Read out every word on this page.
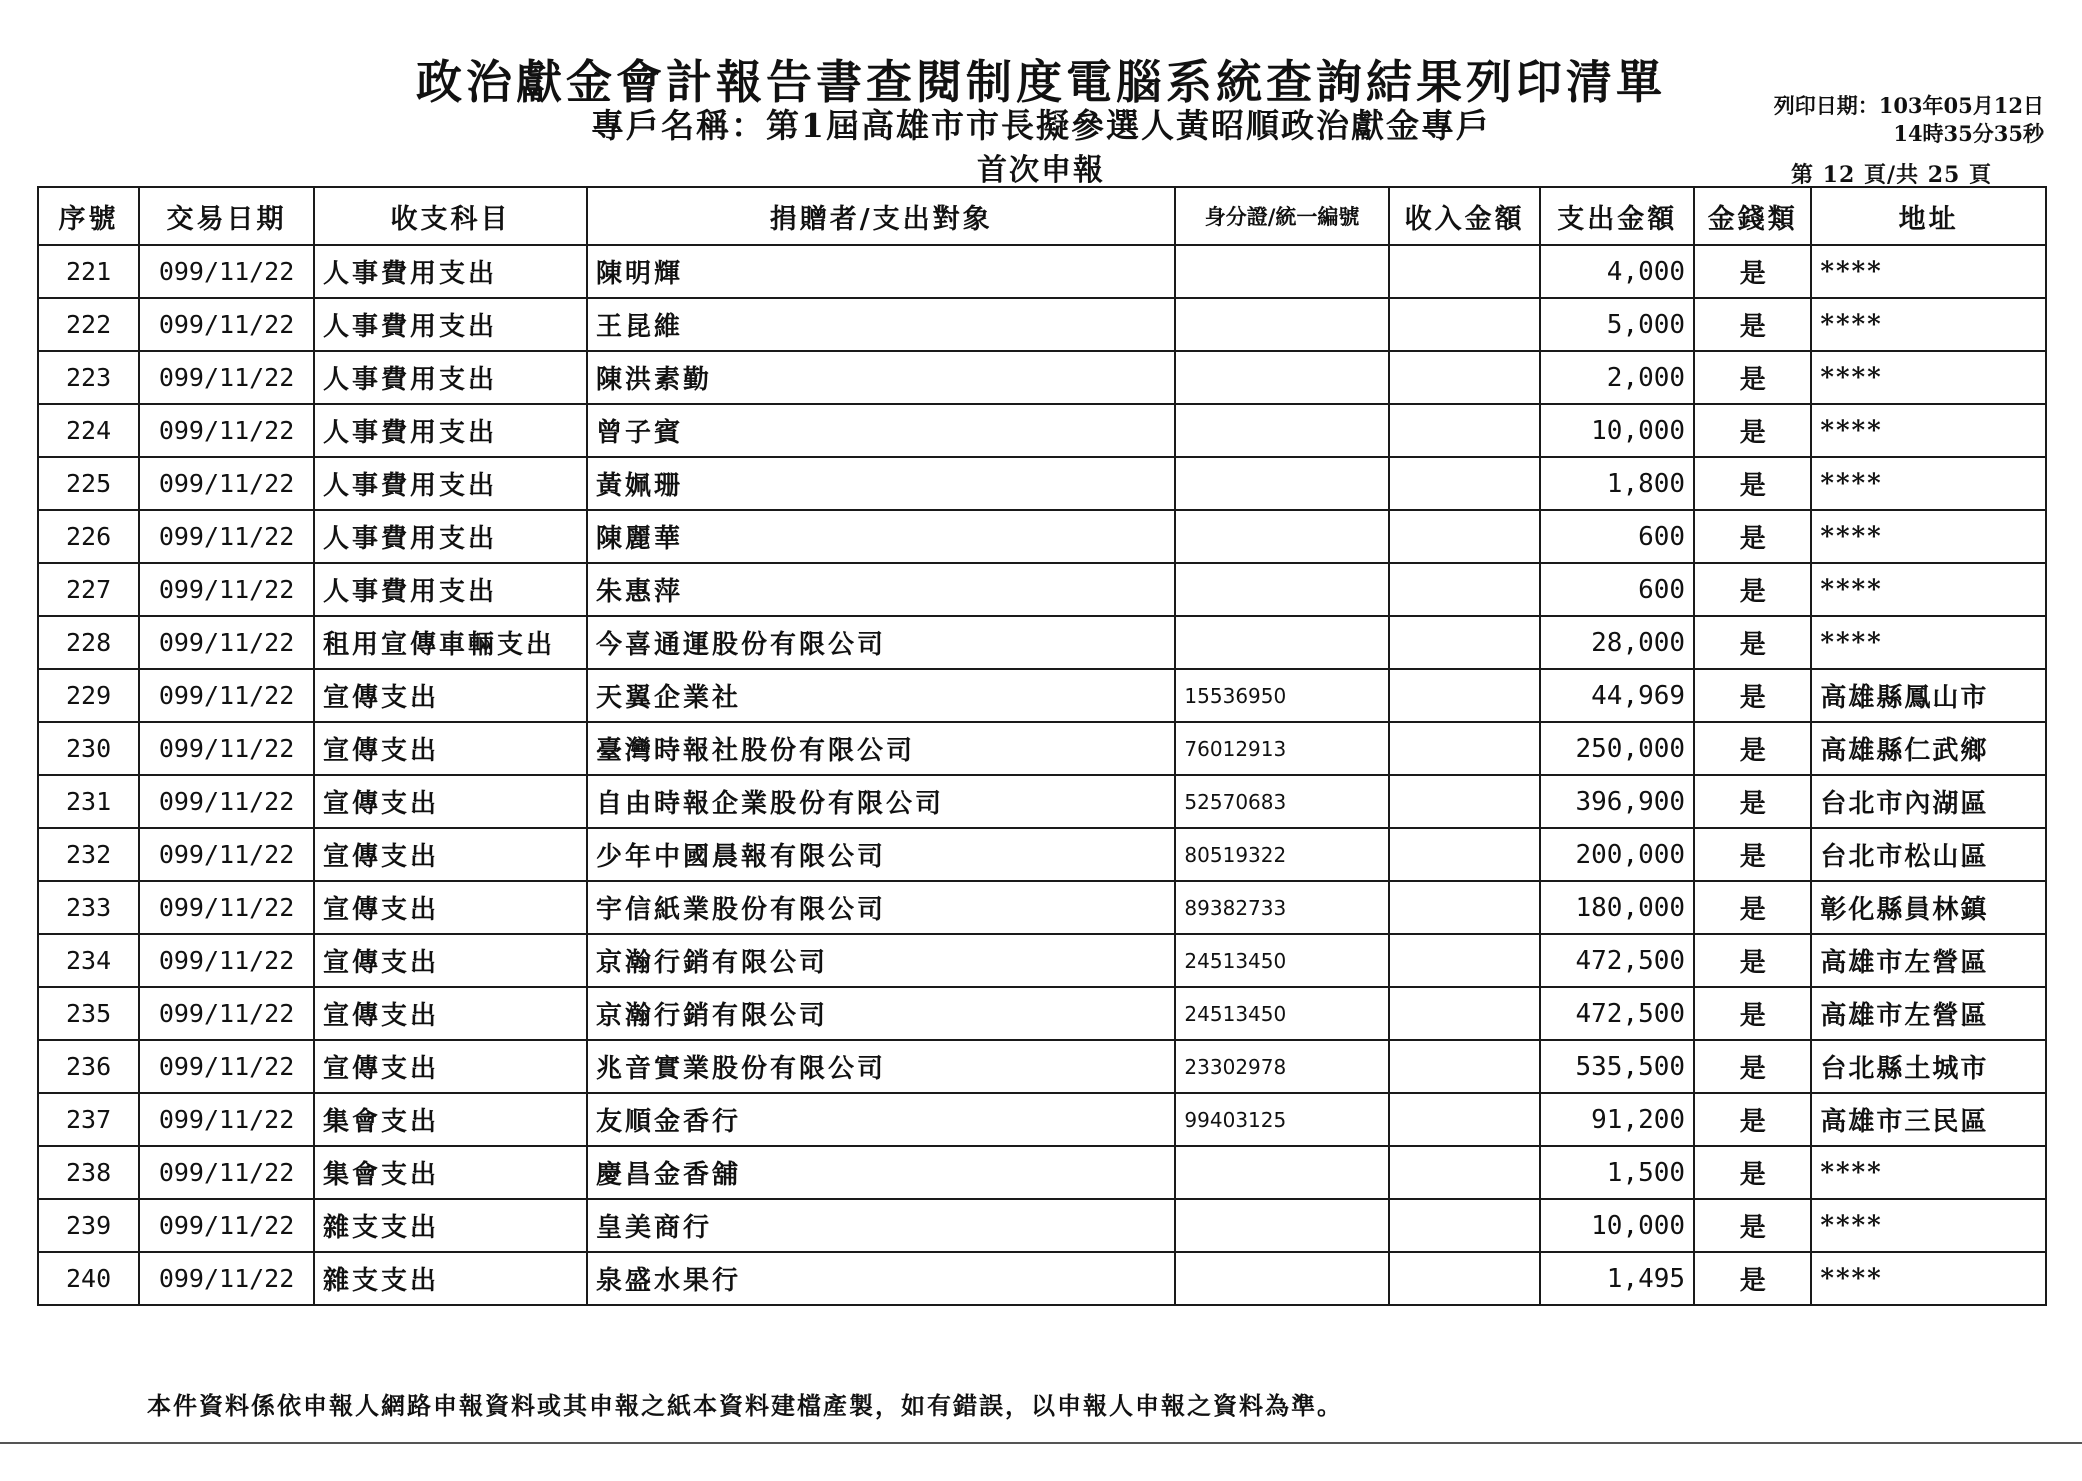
政治獻金會計報告書查閱制度電腦系統查詢結果列印清單
專戶名稱：第1屆高雄市市長擬參選人黃昭順政治獻金專戶
首次申報
列印日期：103年05月12日
14時35分35秒
第 12 頁/共 25 頁
序號	交易日期	收支科目	捐贈者/支出對象	身分證/統一編號	收入金額	支出金額	金錢類	地址
221	099/11/22	人事費用支出	陳明輝			4,000	是	****
222	099/11/22	人事費用支出	王昆維			5,000	是	****
223	099/11/22	人事費用支出	陳洪素勤			2,000	是	****
224	099/11/22	人事費用支出	曾子賓			10,000	是	****
225	099/11/22	人事費用支出	黃姵珊			1,800	是	****
226	099/11/22	人事費用支出	陳麗華			600	是	****
227	099/11/22	人事費用支出	朱惠萍			600	是	****
228	099/11/22	租用宣傳車輛支出	今喜通運股份有限公司			28,000	是	****
229	099/11/22	宣傳支出	天翼企業社	15536950		44,969	是	高雄縣鳳山市
230	099/11/22	宣傳支出	臺灣時報社股份有限公司	76012913		250,000	是	高雄縣仁武鄉
231	099/11/22	宣傳支出	自由時報企業股份有限公司	52570683		396,900	是	台北市內湖區
232	099/11/22	宣傳支出	少年中國晨報有限公司	80519322		200,000	是	台北市松山區
233	099/11/22	宣傳支出	宇信紙業股份有限公司	89382733		180,000	是	彰化縣員林鎮
234	099/11/22	宣傳支出	京瀚行銷有限公司	24513450		472,500	是	高雄市左營區
235	099/11/22	宣傳支出	京瀚行銷有限公司	24513450		472,500	是	高雄市左營區
236	099/11/22	宣傳支出	兆音實業股份有限公司	23302978		535,500	是	台北縣土城市
237	099/11/22	集會支出	友順金香行	99403125		91,200	是	高雄市三民區
238	099/11/22	集會支出	慶昌金香舖			1,500	是	****
239	099/11/22	雜支支出	皇美商行			10,000	是	****
240	099/11/22	雜支支出	泉盛水果行			1,495	是	****
本件資料係依申報人網路申報資料或其申報之紙本資料建檔產製，如有錯誤，以申報人申報之資料為準。
